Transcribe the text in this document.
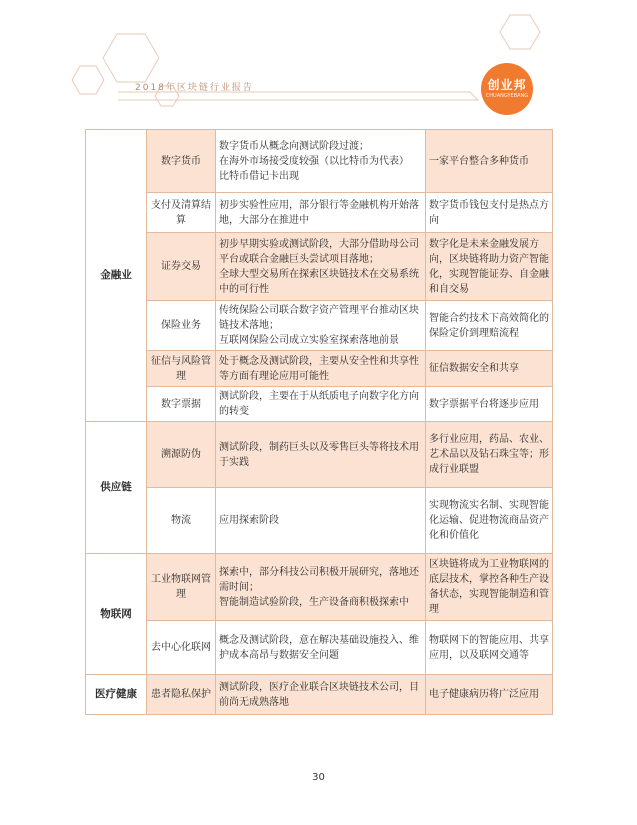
2018年区块链行业报告	创业邦
CHUANGYEBANG
金融业	数字货币	数字货币从概念向测试阶段过渡；
在海外市场接受度较强（以比特币为代表）
比特币借记卡出现	一家平台整合多种货币
	支付及清算结算	初步实验性应用，部分银行等金融机构开始落地，大部分在推进中	数字货币钱包支付是热点方向
	证券交易	初步早期实验或测试阶段，大部分借助母公司平台或联合金融巨头尝试项目落地；
全球大型交易所在探索区块链技术在交易系统中的可行性	数字化是未来金融发展方向，区块链将助力资产智能化，实现智能证券、自金融和自交易
	保险业务	传统保险公司联合数字资产管理平台推动区块链技术落地；
互联网保险公司成立实验室探索落地前景	智能合约技术下高效简化的保险定价到理赔流程
	征信与风险管理	处于概念及测试阶段，主要从安全性和共享性等方面有理论应用可能性	征信数据安全和共享
	数字票据	测试阶段，主要在于从纸质电子向数字化方向的转变	数字票据平台将逐步应用
供应链	溯源防伪	测试阶段，制药巨头以及零售巨头等将技术用于实践	多行业应用，药品、农业、艺术品以及钻石珠宝等；形成行业联盟
	物流	应用探索阶段	实现物流实名制、实现智能化运输、促进物流商品资产化和价值化
物联网	工业物联网管理	探索中，部分科技公司积极开展研究，落地还需时间；
智能制造试验阶段，生产设备商积极探索中	区块链将成为工业物联网的底层技术，掌控各种生产设备状态，实现智能制造和管理
	去中心化联网	概念及测试阶段，意在解决基础设施投入、维护成本高昂与数据安全问题	物联网下的智能应用、共享应用，以及联网交通等
医疗健康	患者隐私保护	测试阶段，医疗企业联合区块链技术公司，目前尚无成熟落地	电子健康病历将广泛应用
30
